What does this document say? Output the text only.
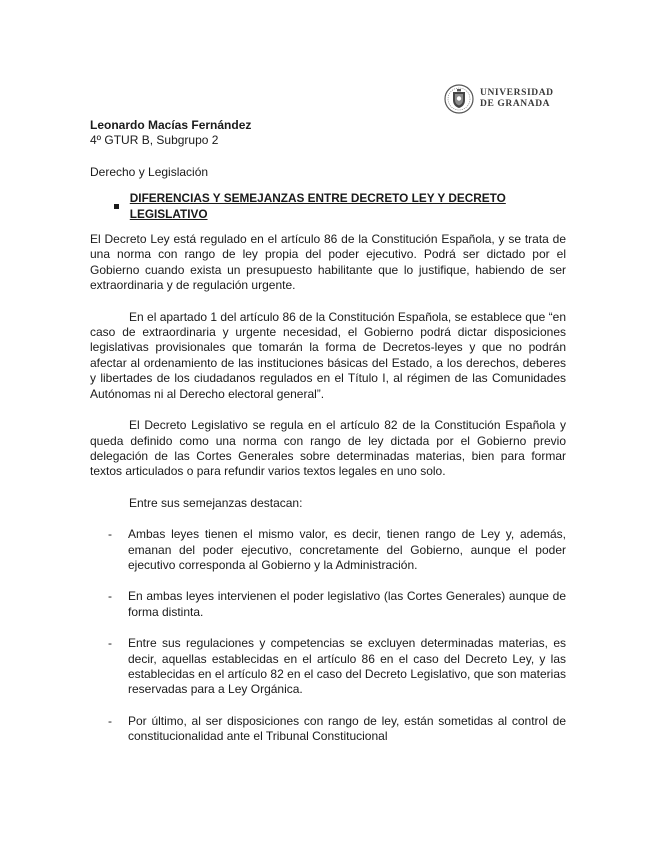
UNIVERSIDAD
DE GRANADA

Leonardo Macías Fernández

4º GTUR B, Subgrupo 2

Derecho y Legislación

DIFERENCIAS Y SEMEJANZAS ENTRE DECRETO LEY Y DECRETO LEGISLATIVO

El Decreto Ley está regulado en el artículo 86 de la Constitución Española, y se trata de una norma con rango de ley propia del poder ejecutivo. Podrá ser dictado por el Gobierno cuando exista un presupuesto habilitante que lo justifique, habiendo de ser extraordinaria y de regulación urgente.

En el apartado 1 del artículo 86 de la Constitución Española, se establece que “en caso de extraordinaria y urgente necesidad, el Gobierno podrá dictar disposiciones legislativas provisionales que tomarán la forma de Decretos-leyes y que no podrán afectar al ordenamiento de las instituciones básicas del Estado, a los derechos, deberes y libertades de los ciudadanos regulados en el Título I, al régimen de las Comunidades Autónomas ni al Derecho electoral general”.

El Decreto Legislativo se regula en el artículo 82 de la Constitución Española y queda definido como una norma con rango de ley dictada por el Gobierno previo delegación de las Cortes Generales sobre determinadas materias, bien para formar textos articulados o para refundir varios textos legales en uno solo.

Entre sus semejanzas destacan:

- Ambas leyes tienen el mismo valor, es decir, tienen rango de Ley y, además, emanan del poder ejecutivo, concretamente del Gobierno, aunque el poder ejecutivo corresponda al Gobierno y la Administración.
- En ambas leyes intervienen el poder legislativo (las Cortes Generales) aunque de forma distinta.
- Entre sus regulaciones y competencias se excluyen determinadas materias, es decir, aquellas establecidas en el artículo 86 en el caso del Decreto Ley, y las establecidas en el artículo 82 en el caso del Decreto Legislativo, que son materias reservadas para a Ley Orgánica.
- Por último, al ser disposiciones con rango de ley, están sometidas al control de constitucionalidad ante el Tribunal Constitucional
